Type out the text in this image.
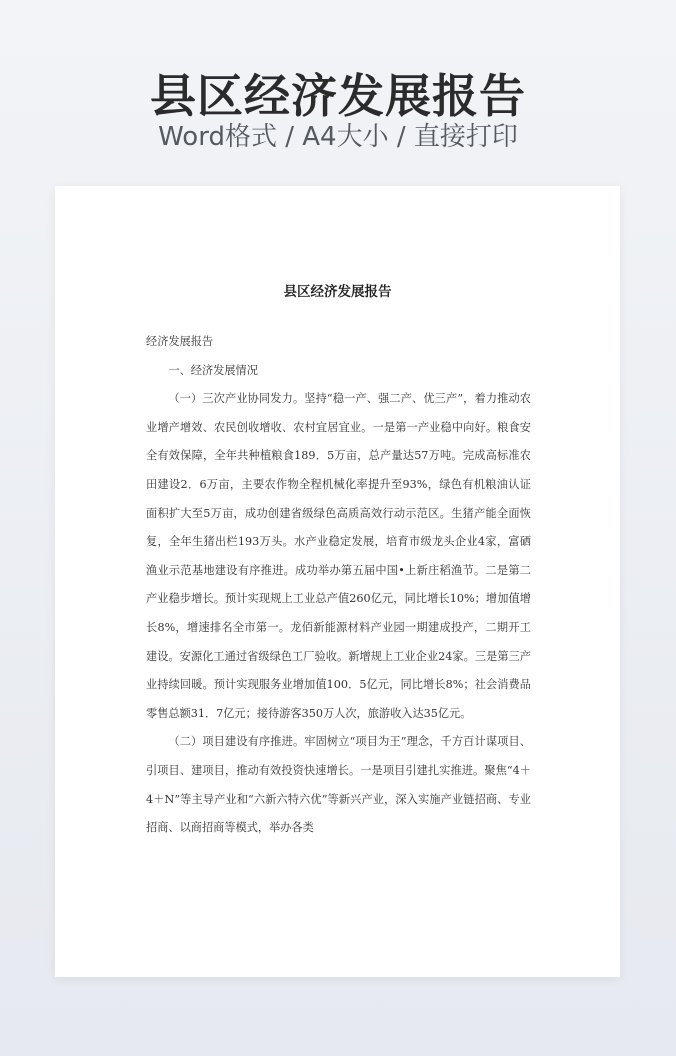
县区经济发展报告
Word格式 / A4大小 / 直接打印
县区经济发展报告

经济发展报告

一、经济发展情况

（一）三次产业协同发力。坚持“稳一产、强二产、优三产”，着力推动农业增产增效、农民创收增收、农村宜居宜业。一是第一产业稳中向好。粮食安全有效保障，全年共种植粮食189．5万亩，总产量达57万吨。完成高标准农田建设2．6万亩，主要农作物全程机械化率提升至93%，绿色有机粮油认证面积扩大至5万亩，成功创建省级绿色高质高效行动示范区。生猪产能全面恢复，全年生猪出栏193万头。水产业稳定发展，培育市级龙头企业4家，富硒渔业示范基地建设有序推进。成功举办第五届中国•上新庄稻渔节。二是第二产业稳步增长。预计实现规上工业总产值260亿元，同比增长10%；增加值增长8%，增速排名全市第一。龙佰新能源材料产业园一期建成投产，二期开工建设。安源化工通过省级绿色工厂验收。新增规上工业企业24家。三是第三产业持续回暖。预计实现服务业增加值100．5亿元，同比增长8%；社会消费品零售总额31．7亿元；接待游客350万人次，旅游收入达35亿元。

（二）项目建设有序推进。牢固树立“项目为王”理念，千方百计谋项目、引项目、建项目，推动有效投资快速增长。一是项目引建扎实推进。聚焦“4＋4＋N”等主导产业和“六新六特六优”等新兴产业，深入实施产业链招商、专业招商、以商招商等模式，举办各类
